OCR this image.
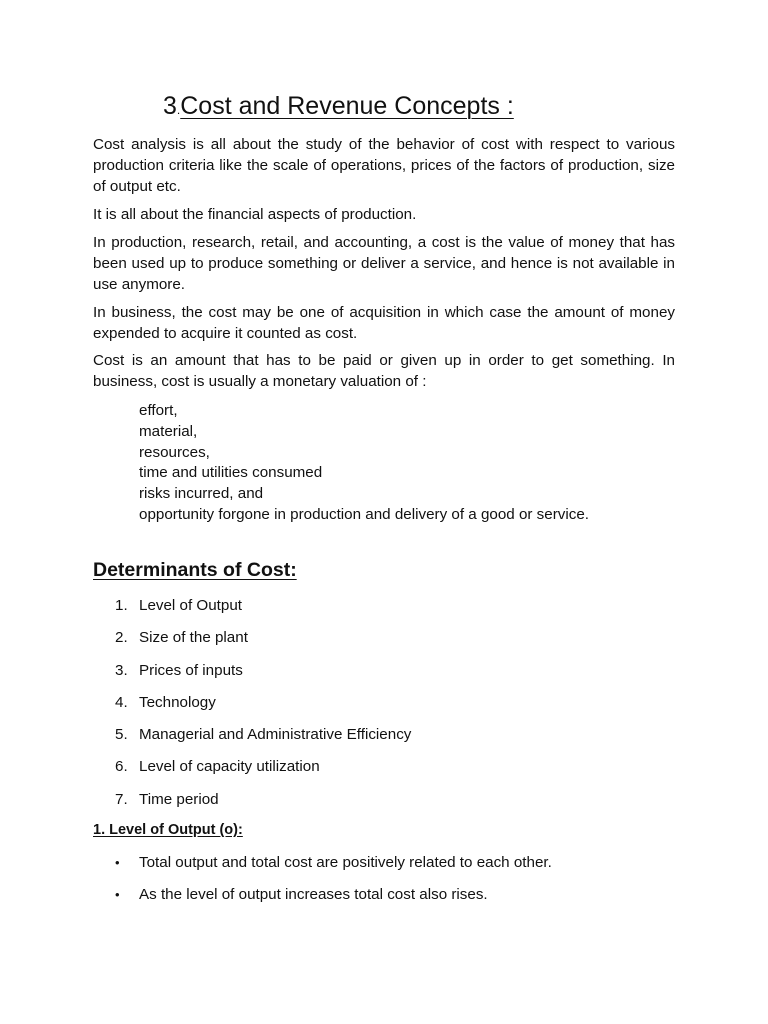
3.Cost and Revenue Concepts :

Cost analysis is all about the study of the behavior of cost with respect to various production criteria like the scale of operations, prices of the factors of production, size of output etc.

It is all about the financial aspects of production.

In production, research, retail, and accounting, a cost is the value of money that has been used up to produce something or deliver a service, and hence is not available in use anymore.

In business, the cost may be one of acquisition in which case the amount of money expended to acquire it counted as cost.

Cost is an amount that has to be paid or given up in order to get something. In business, cost is usually a monetary valuation of :

effort,
material,
resources,
time and utilities consumed
risks incurred, and
opportunity forgone in production and delivery of a good or service.
Determinants of Cost:
1. Level of Output
2. Size of the plant
3. Prices of inputs
4. Technology
5. Managerial and Administrative Efficiency
6. Level of capacity utilization
7. Time period
1. Level of Output (o):
• Total output and total cost are positively related to each other.
• As the level of output increases total cost also rises.
